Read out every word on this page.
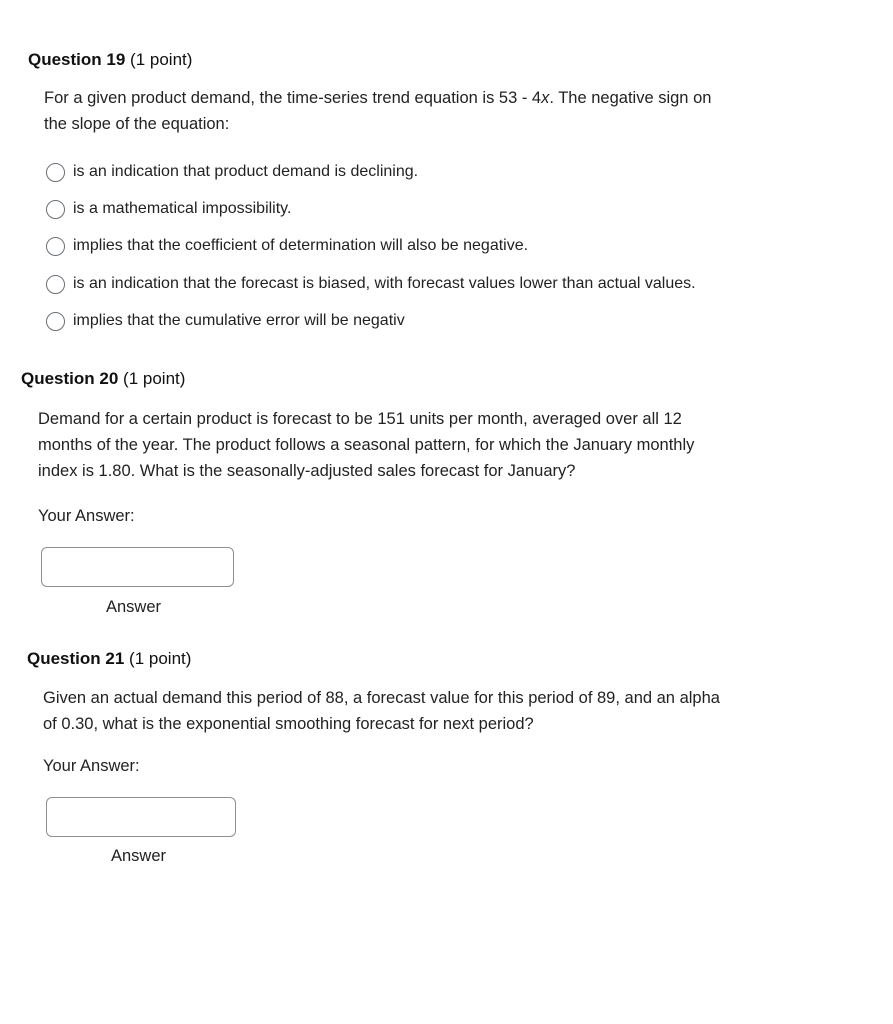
Question 19 (1 point)
For a given product demand, the time-series trend equation is 53 - 4x. The negative sign on
the slope of the equation:
is an indication that product demand is declining.
is a mathematical impossibility.
implies that the coefficient of determination will also be negative.
is an indication that the forecast is biased, with forecast values lower than actual values.
implies that the cumulative error will be negativ
Question 20 (1 point)
Demand for a certain product is forecast to be 151 units per month, averaged over all 12
months of the year. The product follows a seasonal pattern, for which the January monthly
index is 1.80. What is the seasonally-adjusted sales forecast for January?
Your Answer:
Answer
Question 21 (1 point)
Given an actual demand this period of 88, a forecast value for this period of 89, and an alpha
of 0.30, what is the exponential smoothing forecast for next period?
Your Answer:
Answer
